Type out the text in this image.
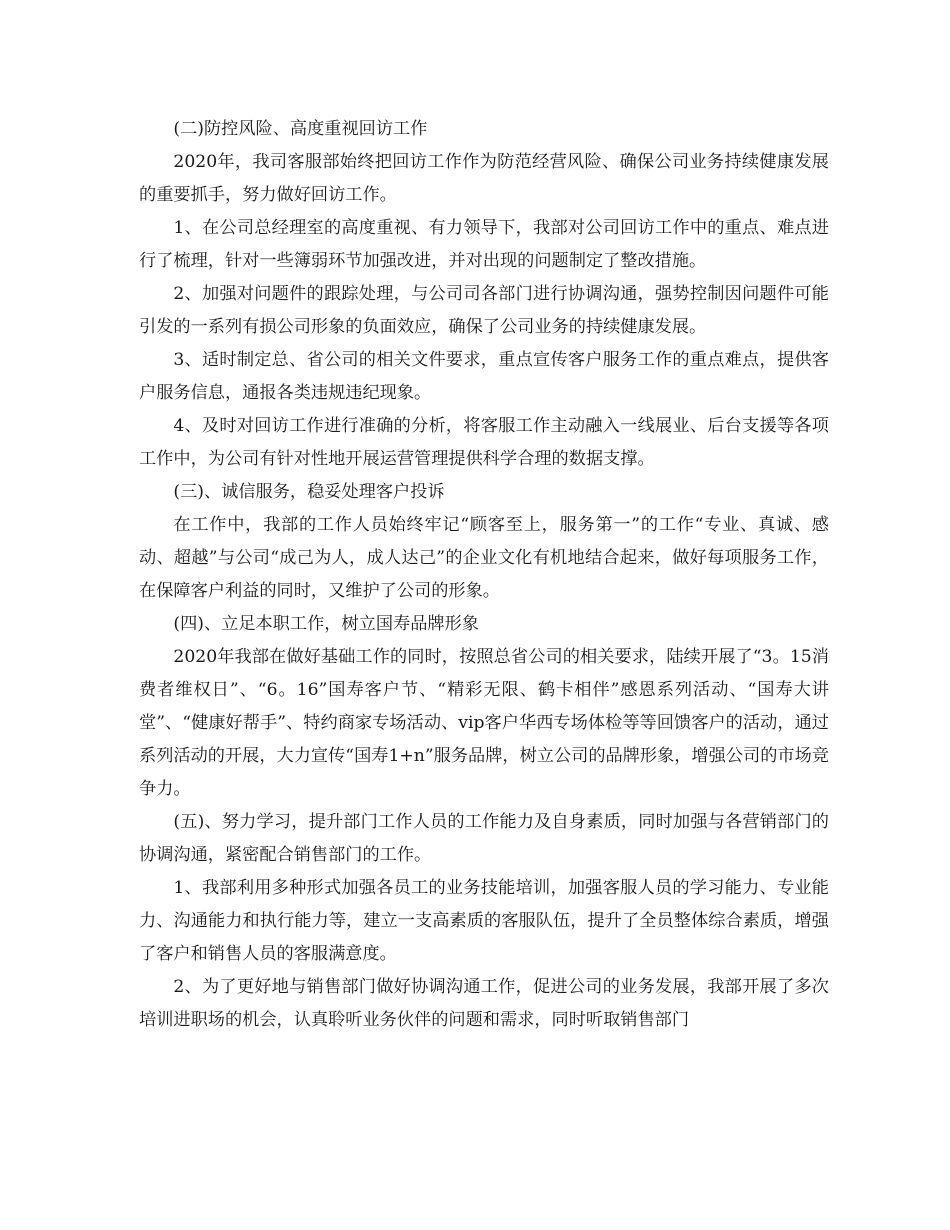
(二)防控风险、高度重视回访工作

2020年，我司客服部始终把回访工作作为防范经营风险、确保公司业务持续健康发展的重要抓手，努力做好回访工作。

1、在公司总经理室的高度重视、有力领导下，我部对公司回访工作中的重点、难点进行了梳理，针对一些簿弱环节加强改进，并对出现的问题制定了整改措施。

2、加强对问题件的跟踪处理，与公司司各部门进行协调沟通，强势控制因问题件可能引发的一系列有损公司形象的负面效应，确保了公司业务的持续健康发展。

3、适时制定总、省公司的相关文件要求，重点宣传客户服务工作的重点难点，提供客户服务信息，通报各类违规违纪现象。

4、及时对回访工作进行准确的分析，将客服工作主动融入一线展业、后台支援等各项工作中，为公司有针对性地开展运营管理提供科学合理的数据支撑。

(三)、诚信服务，稳妥处理客户投诉

在工作中，我部的工作人员始终牢记“顾客至上，服务第一”的工作“专业、真诚、感动、超越”与公司“成己为人，成人达己”的企业文化有机地结合起来，做好每项服务工作，在保障客户利益的同时，又维护了公司的形象。

(四)、立足本职工作，树立国寿品牌形象

2020年我部在做好基础工作的同时，按照总省公司的相关要求，陆续开展了“3。15消费者维权日”、“6。16”国寿客户节、“精彩无限、鹤卡相伴”感恩系列活动、“国寿大讲堂”、“健康好帮手”、特约商家专场活动、vip客户华西专场体检等等回馈客户的活动，通过系列活动的开展，大力宣传“国寿1+n”服务品牌，树立公司的品牌形象，增强公司的市场竞争力。

(五)、努力学习，提升部门工作人员的工作能力及自身素质，同时加强与各营销部门的协调沟通，紧密配合销售部门的工作。

1、我部利用多种形式加强各员工的业务技能培训，加强客服人员的学习能力、专业能力、沟通能力和执行能力等，建立一支高素质的客服队伍，提升了全员整体综合素质，增强了客户和销售人员的客服满意度。

2、为了更好地与销售部门做好协调沟通工作，促进公司的业务发展，我部开展了多次培训进职场的机会，认真聆听业务伙伴的问题和需求，同时听取销售部门
